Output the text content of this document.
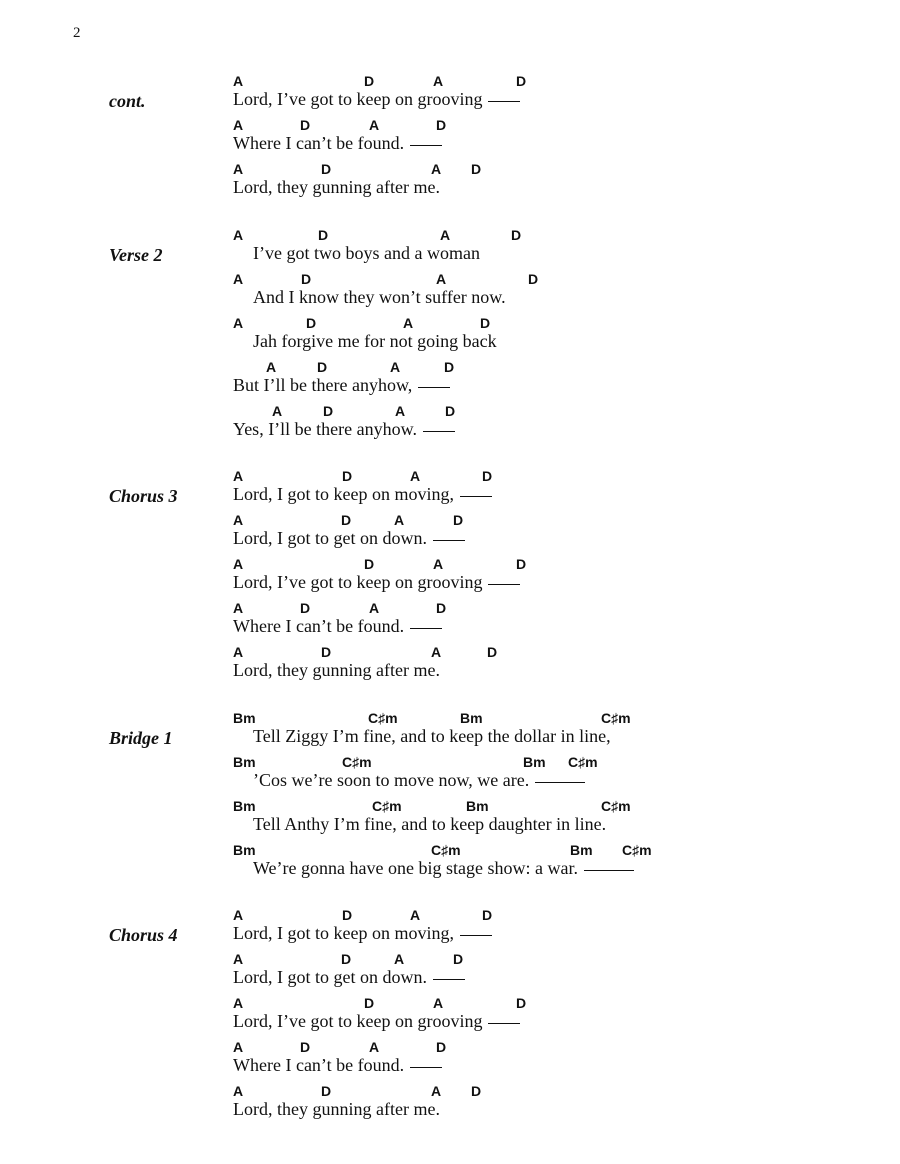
2
cont.
A	D	A	D
Lord, I’ve got to keep on grooving
A	D	A	D
Where I can’t be found.
A	D	A D
Lord, they gunning after me.
Verse 2
A	D	A	D
I’ve got two boys and a woman
A	D	A	D
And I know they won’t suffer now.
A	D	A	D
Jah forgive me for not going back
A	D	A	D
But I’ll be there anyhow,
A	D	A	D
Yes, I’ll be there anyhow.
Chorus 3
A	D	A	D
Lord, I got to keep on moving,
A	D	A	D
Lord, I got to get on down.
A	D	A	D
Lord, I’ve got to keep on grooving
A	D	A	D
Where I can’t be found.
A	D	A	D
Lord, they gunning after me.
Bridge 1
Bm	C♯m	Bm	C♯m
Tell Ziggy I’m fine, and to keep the dollar in line,
Bm	C♯m	Bm C♯m
’Cos we’re soon to move now, we are.
Bm	C♯m	Bm	C♯m
Tell Anthy I’m fine, and to keep daughter in line.
Bm	C♯m	Bm C♯m
We’re gonna have one big stage show: a war.
Chorus 4
A	D	A	D
Lord, I got to keep on moving,
A	D	A	D
Lord, I got to get on down.
A	D	A	D
Lord, I’ve got to keep on grooving
A	D	A	D
Where I can’t be found.
A	D	A D
Lord, they gunning after me.
